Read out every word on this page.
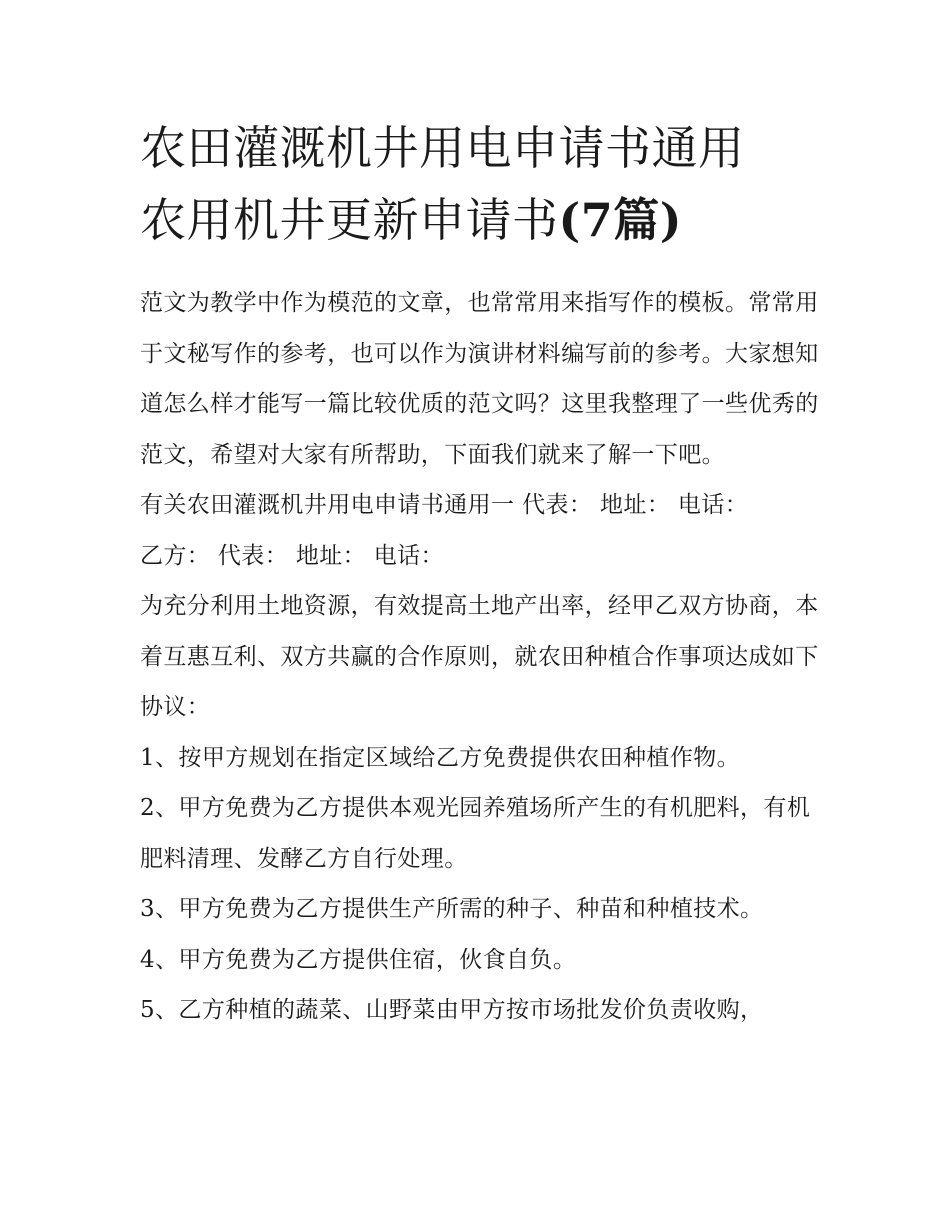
农田灌溉机井用电申请书通用
农用机井更新申请书(7篇)

范文为教学中作为模范的文章，也常常用来指写作的模板。常常用于文秘写作的参考，也可以作为演讲材料编写前的参考。大家想知道怎么样才能写一篇比较优质的范文吗？这里我整理了一些优秀的范文，希望对大家有所帮助，下面我们就来了解一下吧。

有关农田灌溉机井用电申请书通用一 代表： 地址： 电话：

乙方： 代表： 地址： 电话：

为充分利用土地资源，有效提高土地产出率，经甲乙双方协商，本着互惠互利、双方共赢的合作原则，就农田种植合作事项达成如下协议：

1、按甲方规划在指定区域给乙方免费提供农田种植作物。

2、甲方免费为乙方提供本观光园养殖场所产生的有机肥料，有机肥料清理、发酵乙方自行处理。

3、甲方免费为乙方提供生产所需的种子、种苗和种植技术。

4、甲方免费为乙方提供住宿，伙食自负。

5、乙方种植的蔬菜、山野菜由甲方按市场批发价负责收购，
